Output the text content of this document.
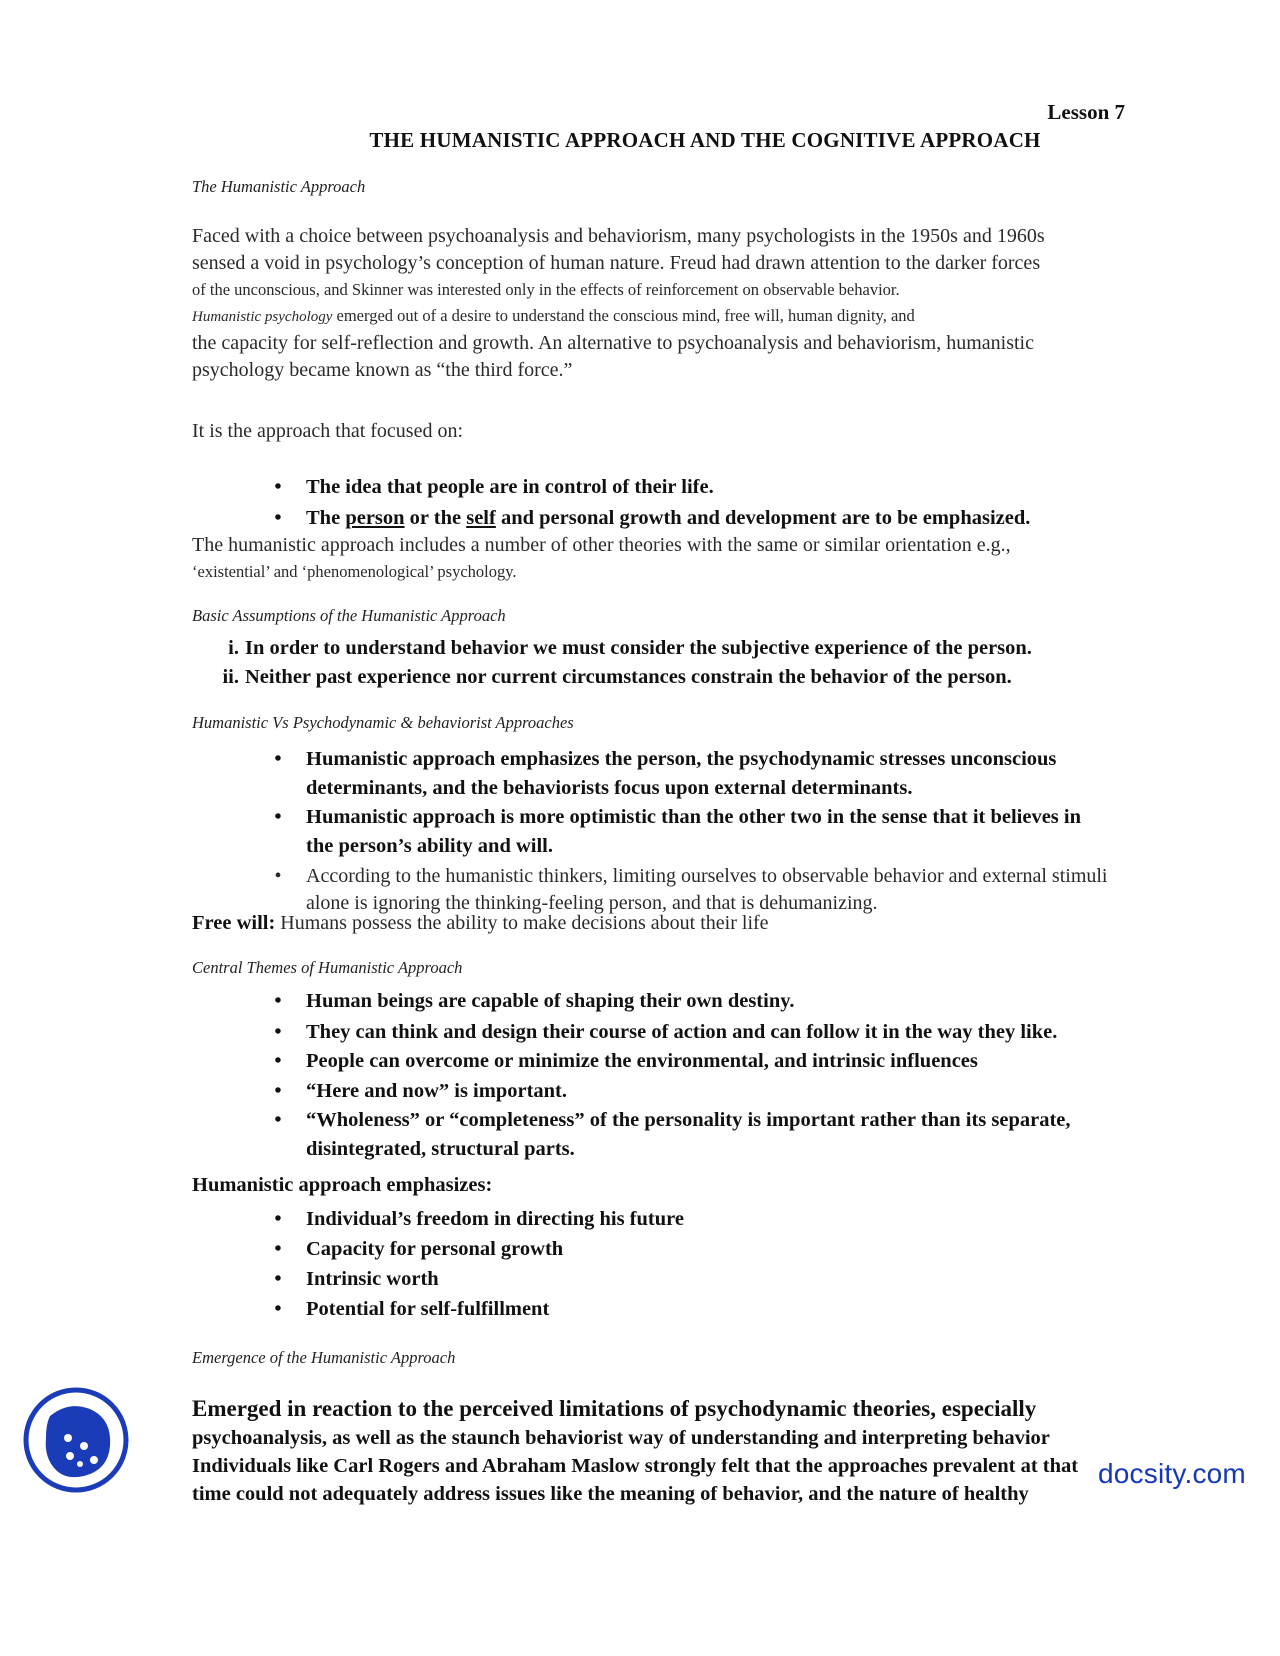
Lesson 7
THE HUMANISTIC APPROACH AND THE COGNITIVE APPROACH
The Humanistic Approach
Faced with a choice between psychoanalysis and behaviorism, many psychologists in the 1950s and 1960s
sensed a void in psychology’s conception of human nature. Freud had drawn attention to the darker forces
of the unconscious, and Skinner was interested only in the effects of reinforcement on observable behavior.
Humanistic psychology emerged out of a desire to understand the conscious mind, free will, human dignity, and
the capacity for self-reflection and growth. An alternative to psychoanalysis and behaviorism, humanistic
psychology became known as “the third force.”
It is the approach that focused on:
•	The idea that people are in control of their life.
•	The person or the self and personal growth and development are to be emphasized.
The humanistic approach includes a number of other theories with the same or similar orientation e.g.,
‘existential’ and ‘phenomenological’ psychology.
Basic Assumptions of the Humanistic Approach
i. In order to understand behavior we must consider the subjective experience of the person.
ii. Neither past experience nor current circumstances constrain the behavior of the person.
Humanistic Vs Psychodynamic & behaviorist Approaches
•	Humanistic approach emphasizes the person, the psychodynamic stresses unconscious
determinants, and the behaviorists focus upon external determinants.
•	Humanistic approach is more optimistic than the other two in the sense that it believes in
the person’s ability and will.
•	According to the humanistic thinkers, limiting ourselves to observable behavior and external stimuli
alone is ignoring the thinking-feeling person, and that is dehumanizing.
Free will: Humans possess the ability to make decisions about their life
Central Themes of Humanistic Approach
•	Human beings are capable of shaping their own destiny.
•	They can think and design their course of action and can follow it in the way they like.
•	People can overcome or minimize the environmental, and intrinsic influences
•	“Here and now” is important.
•	“Wholeness” or “completeness” of the personality is important rather than its separate,
disintegrated, structural parts.
Humanistic approach emphasizes:
•	Individual’s freedom in directing his future
•	Capacity for personal growth
•	Intrinsic worth
•	Potential for self-fulfillment
Emergence of the Humanistic Approach
Emerged in reaction to the perceived limitations of psychodynamic theories, especially
psychoanalysis, as well as the staunch behaviorist way of understanding and interpreting behavior
Individuals like Carl Rogers and Abraham Maslow strongly felt that the approaches prevalent at that
time could not adequately address issues like the meaning of behavior, and the nature of healthy
docsity.com
